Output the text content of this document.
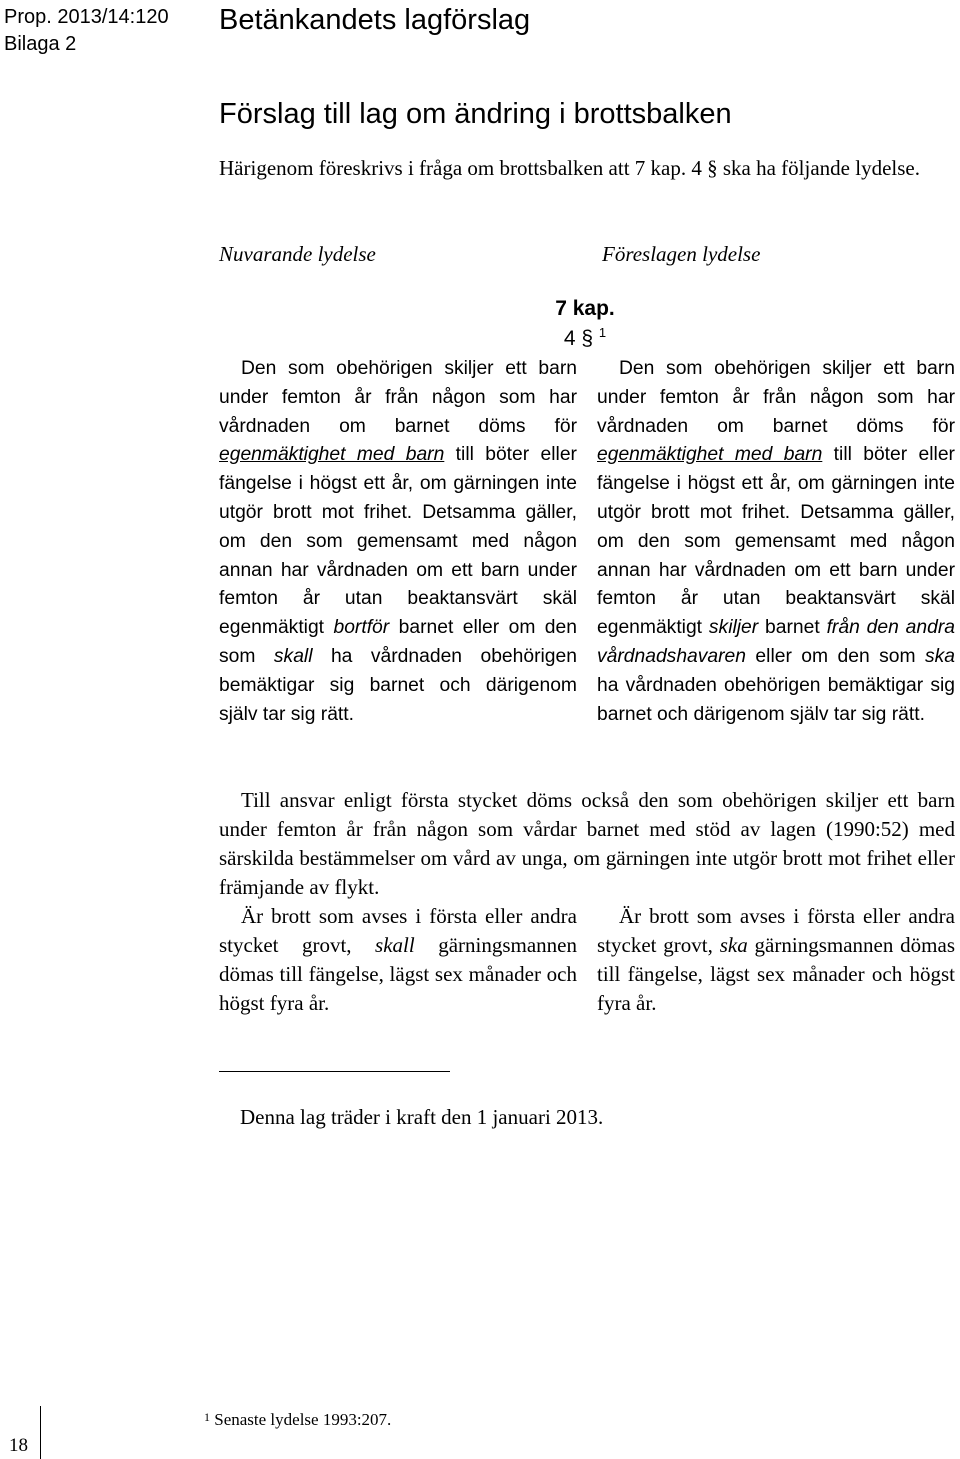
Prop. 2013/14:120
Bilaga 2
Betänkandets lagförslag
Förslag till lag om ändring i brottsbalken

Härigenom föreskrivs i fråga om brottsbalken att 7 kap. 4 § ska ha följande lydelse.

Nuvarande lydelse	Föreslagen lydelse
7 kap.
4 § $^1$

Den som obehörigen skiljer ett barn under femton år från någon som har vårdnaden om barnet döms för egenmäktighet med barn till böter eller fängelse i högst ett år, om gärningen inte utgör brott mot frihet. Detsamma gäller, om den som gemensamt med någon annan har vårdnaden om ett barn under femton år utan beaktansvärt skäl egenmäktigt bortför barnet eller om den som skall ha vårdnaden obehörigen bemäktigar sig barnet och därigenom själv tar sig rätt.

Den som obehörigen skiljer ett barn under femton år från någon som har vårdnaden om barnet döms för egenmäktighet med barn till böter eller fängelse i högst ett år, om gärningen inte utgör brott mot frihet. Detsamma gäller, om den som gemensamt med någon annan har vårdnaden om ett barn under femton år utan beaktansvärt skäl egenmäktigt skiljer barnet från den andra vårdnadshavaren eller om den som ska ha vårdnaden obehörigen bemäktigar sig barnet och därigenom själv tar sig rätt.

Till ansvar enligt första stycket döms också den som obehörigen skiljer ett barn under femton år från någon som vårdar barnet med stöd av lagen (1990:52) med särskilda bestämmelser om vård av unga, om gärningen inte utgör brott mot frihet eller främjande av flykt.

Är brott som avses i första eller andra stycket grovt, skall gärningsmannen dömas till fängelse, lägst sex månader och högst fyra år.

Är brott som avses i första eller andra stycket grovt, ska gärningsmannen dömas till fängelse, lägst sex månader och högst fyra år.

Denna lag träder i kraft den 1 januari 2013.
$^1$ Senaste lydelse 1993:207.
18
